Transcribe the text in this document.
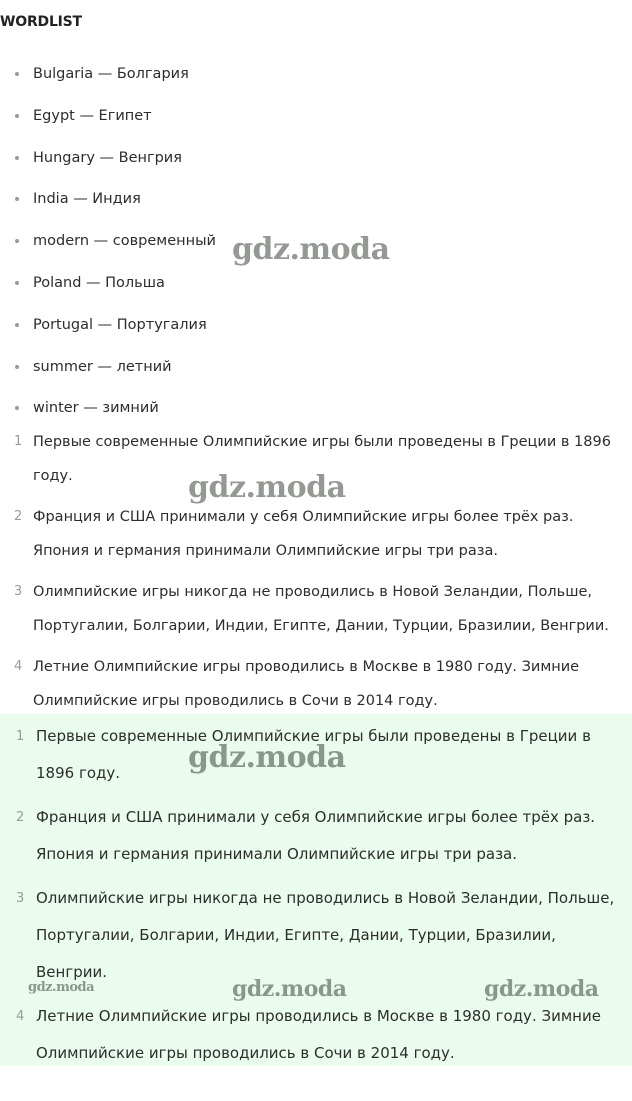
WORDLIST
Bulgaria — Болгария
Egypt — Египет
Hungary — Венгрия
India — Индия
modern — современный
Poland — Польша
Portugal — Португалия
summer — летний
winter — зимний
1 Первые современные Олимпийские игры были проведены в Греции в 1896 году.
2 Франция и США принимали у себя Олимпийские игры более трёх раз. Япония и германия принимали Олимпийские игры три раза.
3 Олимпийские игры никогда не проводились в Новой Зеландии, Польше, Португалии, Болгарии, Индии, Египте, Дании, Турции, Бразилии, Венгрии.
4 Летние Олимпийские игры проводились в Москве в 1980 году. Зимние Олимпийские игры проводились в Сочи в 2014 году.
1 Первые современные Олимпийские игры были проведены в Греции в 1896 году.
2 Франция и США принимали у себя Олимпийские игры более трёх раз. Япония и германия принимали Олимпийские игры три раза.
3 Олимпийские игры никогда не проводились в Новой Зеландии, Польше, Португалии, Болгарии, Индии, Египте, Дании, Турции, Бразилии, Венгрии.
4 Летние Олимпийские игры проводились в Москве в 1980 году. Зимние Олимпийские игры проводились в Сочи в 2014 году.
gdz.moda
gdz.moda
gdz.moda
gdz.moda	gdz.moda
gdz.moda
